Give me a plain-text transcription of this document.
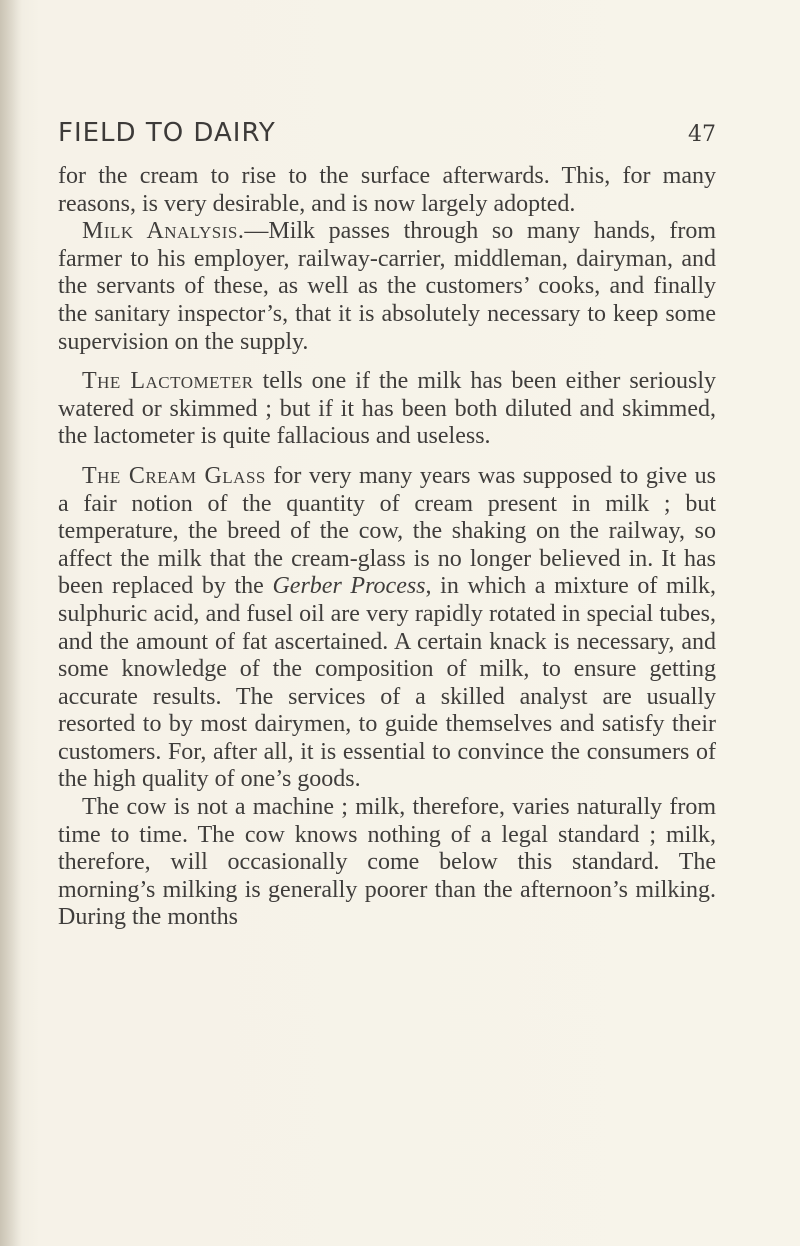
FIELD TO DAIRY	47

for the cream to rise to the surface afterwards. This, for many reasons, is very desirable, and is now largely adopted.

Milk Analysis.—Milk passes through so many hands, from farmer to his employer, railway-carrier, middleman, dairyman, and the servants of these, as well as the customers’ cooks, and finally the sanitary inspector’s, that it is absolutely necessary to keep some supervision on the supply.

The Lactometer tells one if the milk has been either seriously watered or skimmed ; but if it has been both diluted and skimmed, the lactometer is quite fallacious and useless.

The Cream Glass for very many years was supposed to give us a fair notion of the quantity of cream present in milk ; but temperature, the breed of the cow, the shaking on the railway, so affect the milk that the cream-glass is no longer believed in. It has been replaced by the Gerber Process, in which a mixture of milk, sulphuric acid, and fusel oil are very rapidly rotated in special tubes, and the amount of fat ascertained. A certain knack is necessary, and some knowledge of the composition of milk, to ensure getting accurate results. The services of a skilled analyst are usually resorted to by most dairymen, to guide themselves and satisfy their customers. For, after all, it is essential to convince the consumers of the high quality of one’s goods.

The cow is not a machine ; milk, therefore, varies naturally from time to time. The cow knows nothing of a legal standard ; milk, therefore, will occasionally come below this standard. The morning’s milking is generally poorer than the afternoon’s milking. During the months
